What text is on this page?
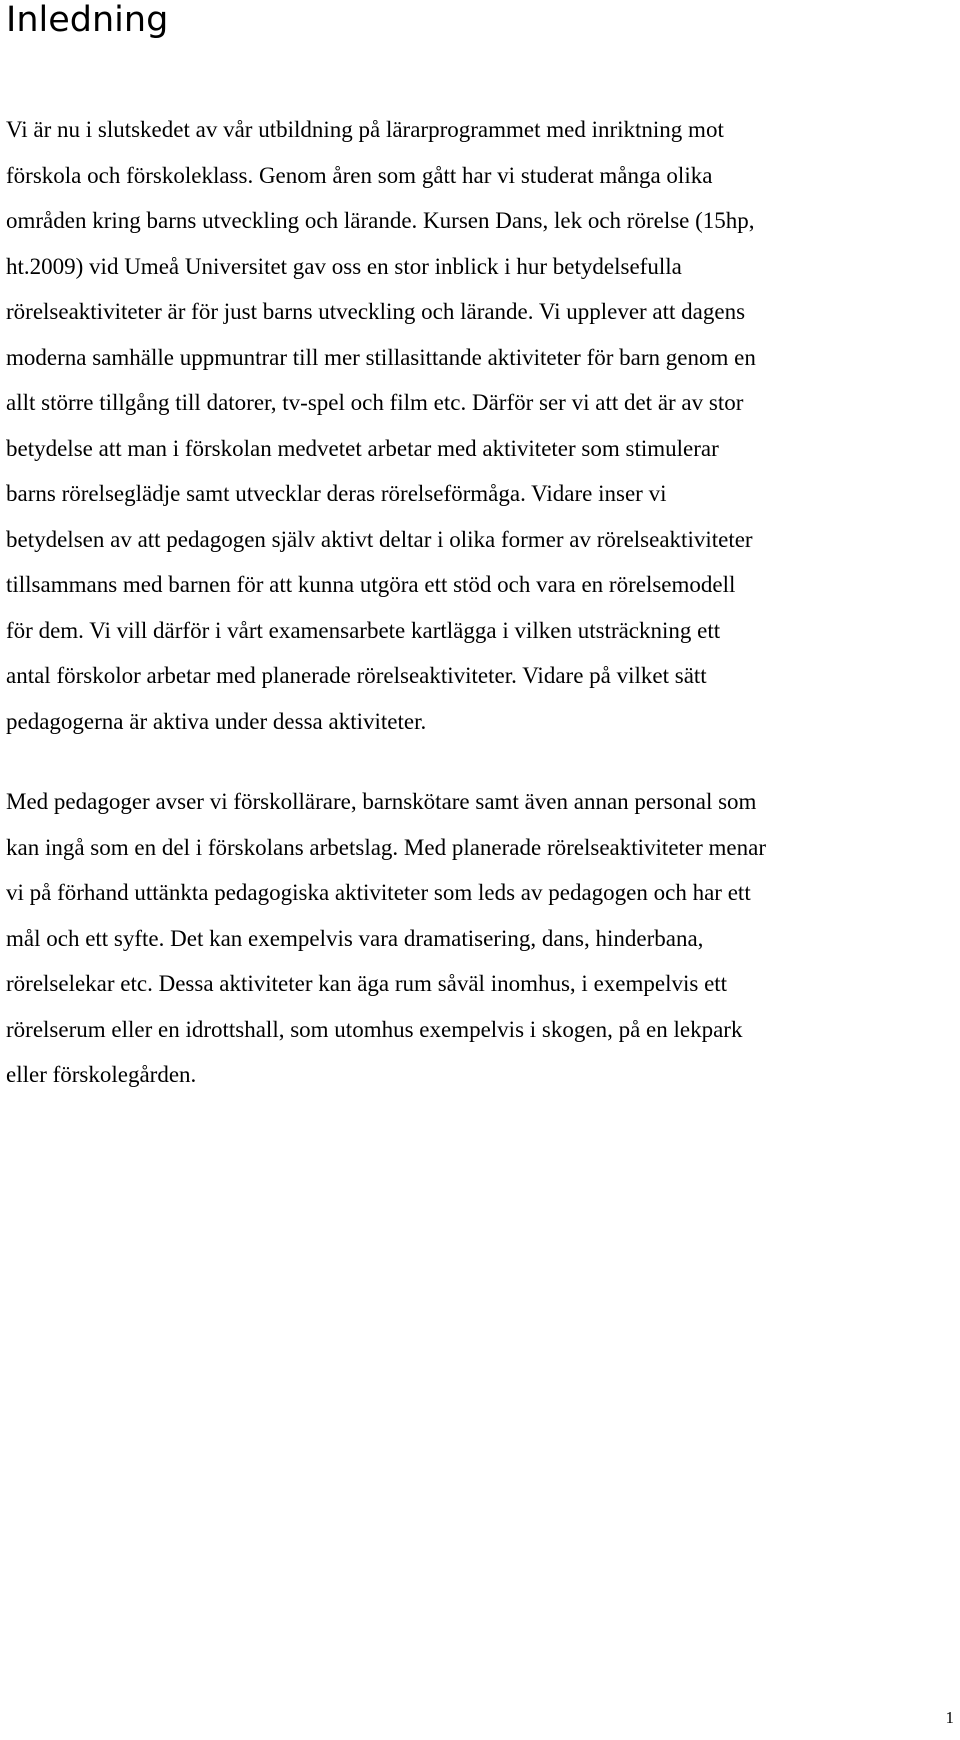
Inledning
Vi är nu i slutskedet av vår utbildning på lärarprogrammet med inriktning mot
förskola och förskoleklass. Genom åren som gått har vi studerat många olika
områden kring barns utveckling och lärande. Kursen Dans, lek och rörelse (15hp,
ht.2009) vid Umeå Universitet gav oss en stor inblick i hur betydelsefulla
rörelseaktiviteter är för just barns utveckling och lärande. Vi upplever att dagens
moderna samhälle uppmuntrar till mer stillasittande aktiviteter för barn genom en
allt större tillgång till datorer, tv-spel och film etc. Därför ser vi att det är av stor
betydelse att man i förskolan medvetet arbetar med aktiviteter som stimulerar
barns rörelseglädje samt utvecklar deras rörelseförmåga. Vidare inser vi
betydelsen av att pedagogen själv aktivt deltar i olika former av rörelseaktiviteter
tillsammans med barnen för att kunna utgöra ett stöd och vara en rörelsemodell
för dem. Vi vill därför i vårt examensarbete kartlägga i vilken utsträckning ett
antal förskolor arbetar med planerade rörelseaktiviteter. Vidare på vilket sätt
pedagogerna är aktiva under dessa aktiviteter.
Med pedagoger avser vi förskollärare, barnskötare samt även annan personal som
kan ingå som en del i förskolans arbetslag. Med planerade rörelseaktiviteter menar
vi på förhand uttänkta pedagogiska aktiviteter som leds av pedagogen och har ett
mål och ett syfte. Det kan exempelvis vara dramatisering, dans, hinderbana,
rörelselekar etc. Dessa aktiviteter kan äga rum såväl inomhus, i exempelvis ett
rörelserum eller en idrottshall, som utomhus exempelvis i skogen, på en lekpark
eller förskolegården.
1
